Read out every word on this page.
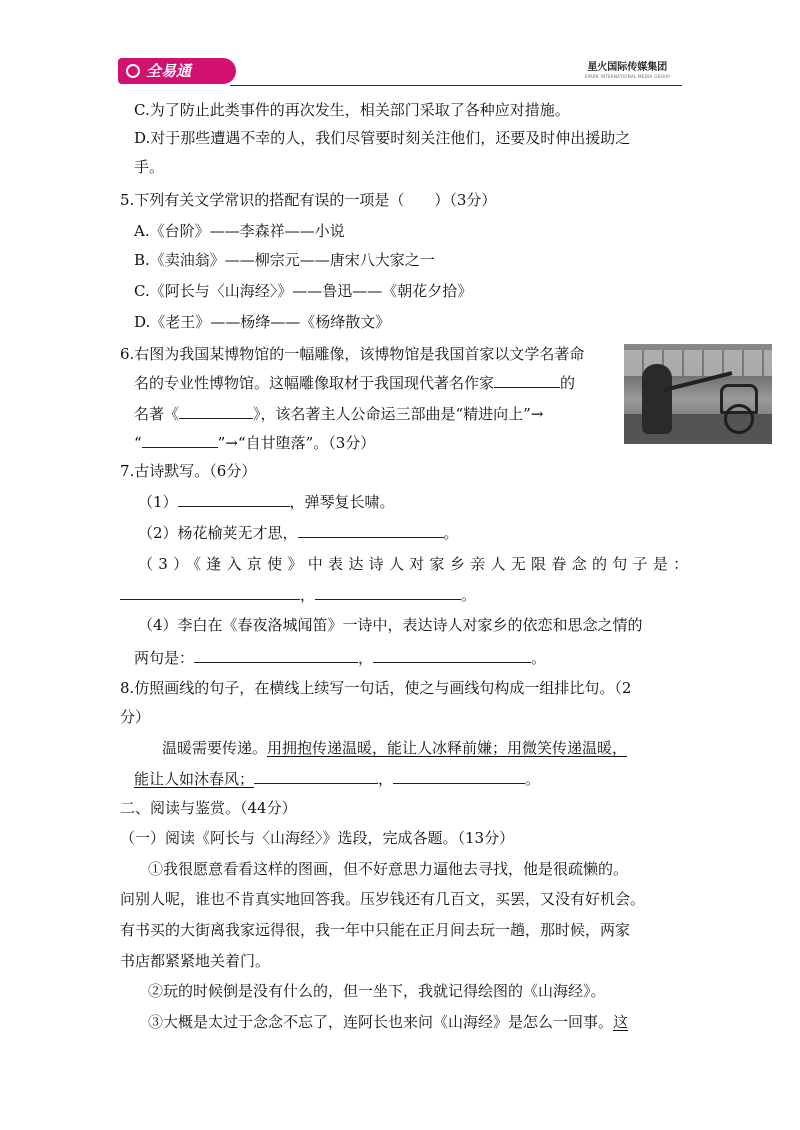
全易通	星火国际传媒集团
SPARK INTERNATIONAL MEDIA GROUP
C.为了防止此类事件的再次发生，相关部门采取了各种应对措施。
D.对于那些遭遇不幸的人，我们尽管要时刻关注他们，还要及时伸出援助之
手。
5.下列有关文学常识的搭配有误的一项是（　　）（3分）
A.《台阶》——李森祥——小说
B.《卖油翁》——柳宗元——唐宋八大家之一
C.《阿长与〈山海经〉》——鲁迅——《朝花夕拾》
D.《老王》——杨绛——《杨绛散文》
6.右图为我国某博物馆的一幅雕像，该博物馆是我国首家以文学名著命
名的专业性博物馆。这幅雕像取材于我国现代著名作家	的
名著《	》，该名著主人公命运三部曲是“精进向上”→
“	”→“自甘堕落”。（3分）
7.古诗默写。（6分）
（1）	，弹琴复长啸。
（2）杨花榆荚无才思，	。
（3）《逢入京使》中表达诗人对家乡亲人无限眷念的句子是：
，	。
（4）李白在《春夜洛城闻笛》一诗中，表达诗人对家乡的依恋和思念之情的
两句是：	，	。
8.仿照画线的句子，在横线上续写一句话，使之与画线句构成一组排比句。（2
分）
温暖需要传递。用拥抱传递温暖，能让人冰释前嫌；用微笑传递温暖，
能让人如沐春风；	，	。
二、阅读与鉴赏。（44分）
（一）阅读《阿长与〈山海经〉》选段，完成各题。（13分）
①我很愿意看看这样的图画，但不好意思力逼他去寻找，他是很疏懒的。
问别人呢，谁也不肯真实地回答我。压岁钱还有几百文，买罢，又没有好机会。
有书买的大街离我家远得很，我一年中只能在正月间去玩一趟，那时候，两家
书店都紧紧地关着门。
②玩的时候倒是没有什么的，但一坐下，我就记得绘图的《山海经》。
③大概是太过于念念不忘了，连阿长也来问《山海经》是怎么一回事。这
